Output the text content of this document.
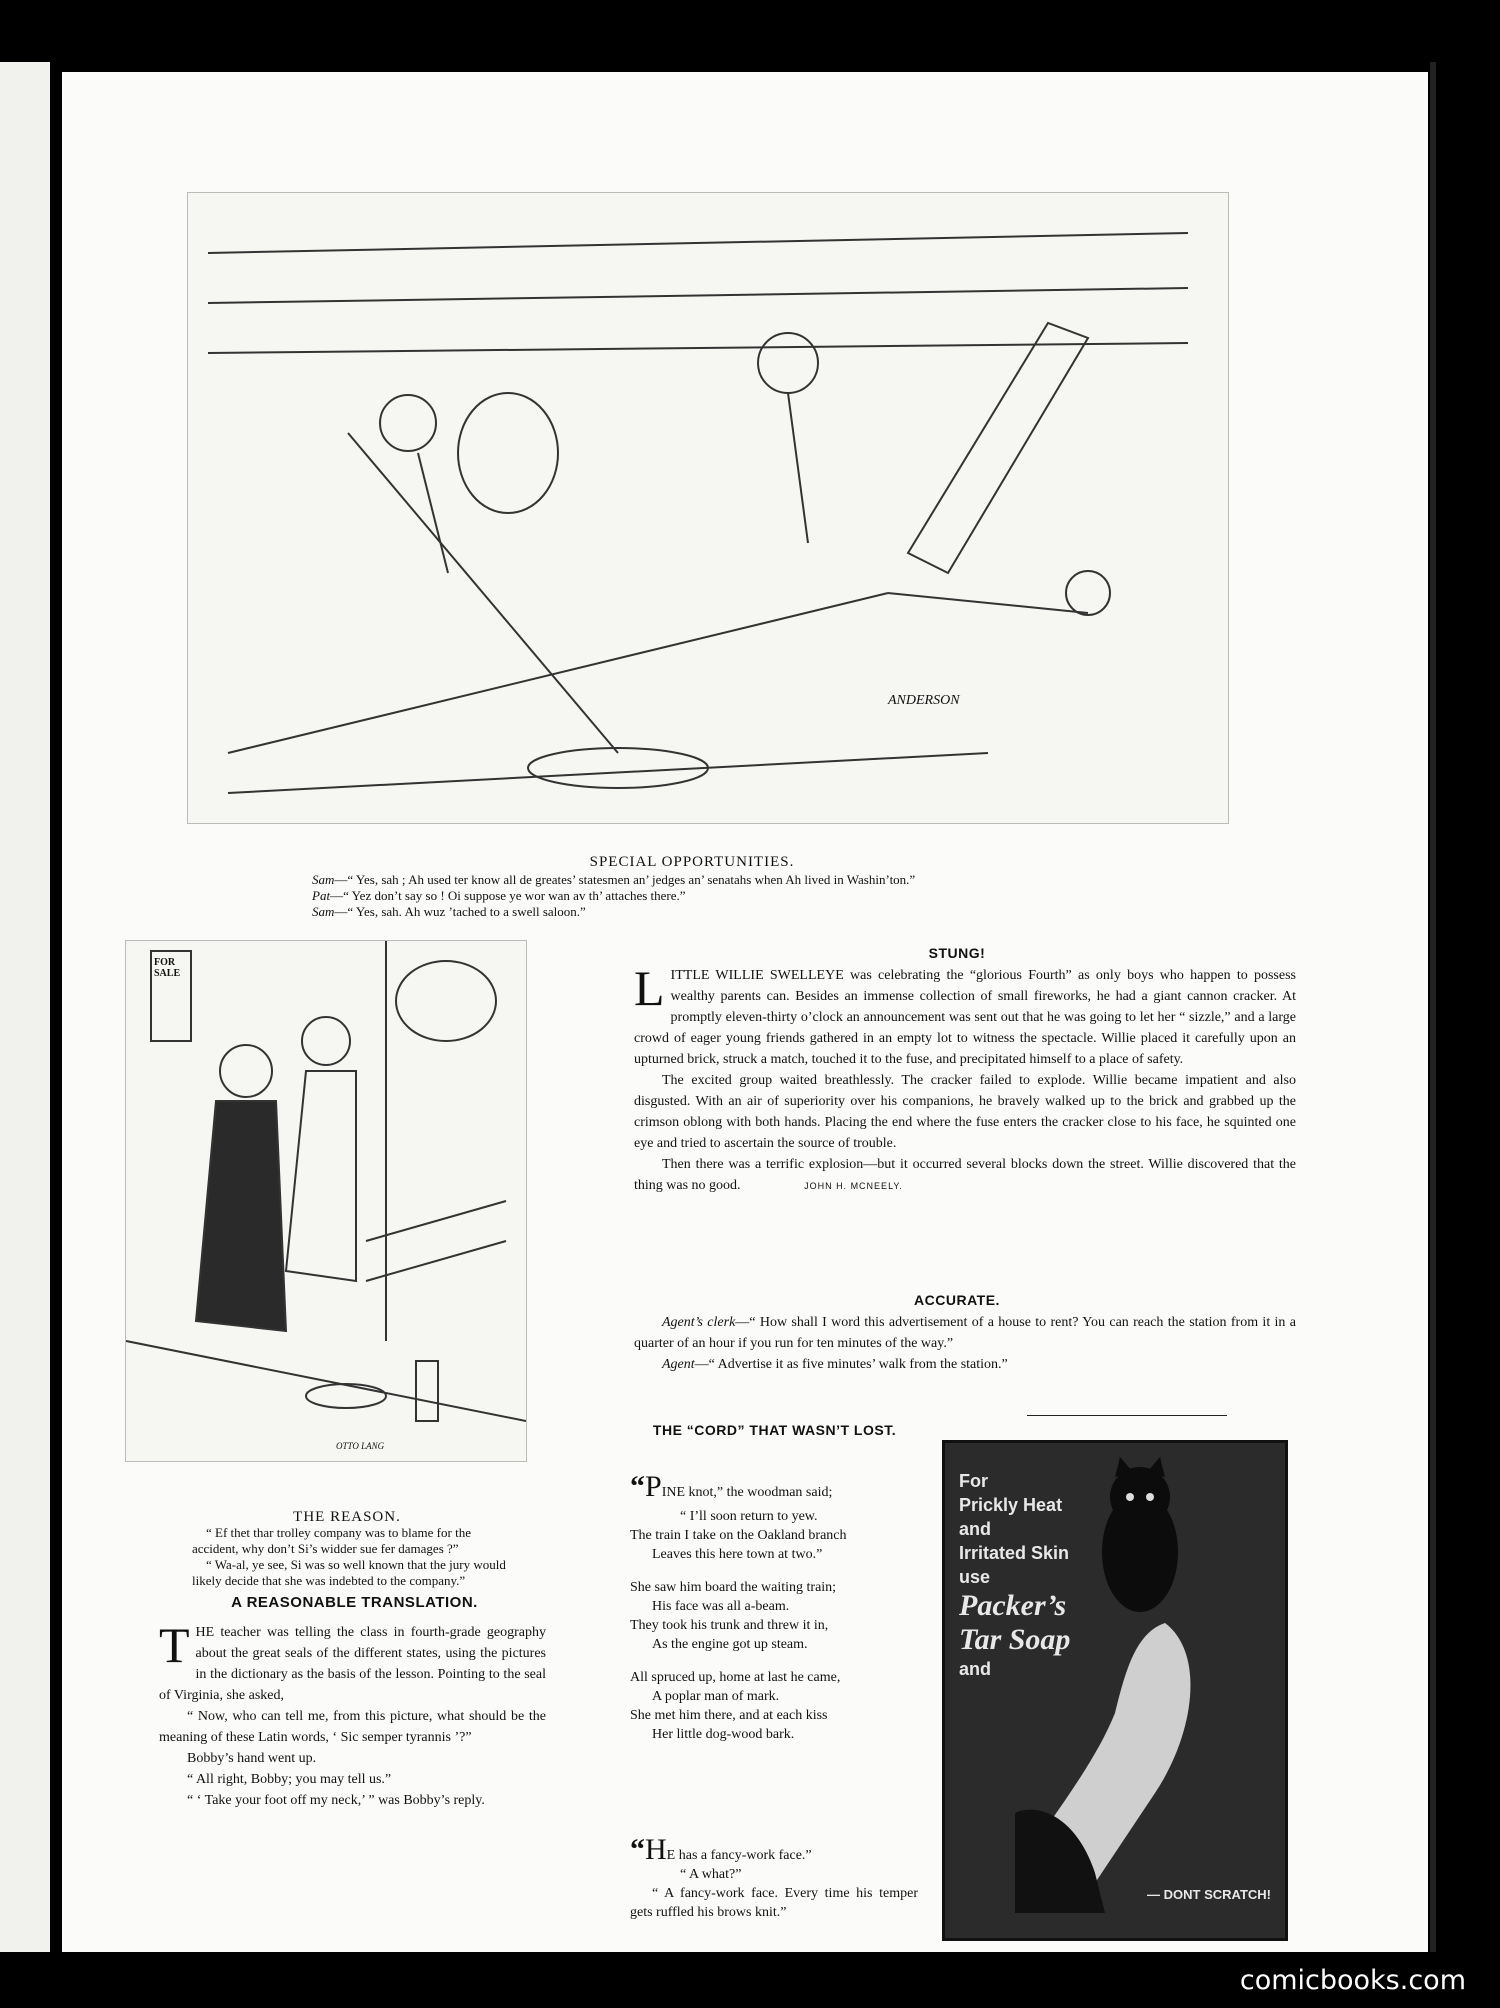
ANDERSON
SPECIAL OPPORTUNITIES.
Sam—“ Yes, sah ; Ah used ter know all de greates’ statesmen an’ jedges an’ senatahs when Ah lived in Washin’ton.”
Pat—“ Yez don’t say so ! Oi suppose ye wor wan av th’ attaches there.”
Sam—“ Yes, sah. Ah wuz ’tached to a swell saloon.”
FOR SALE
OTTO LANG
THE REASON.
“ Ef thet thar trolley company was to blame for the accident, why don’t Si’s widder sue fer damages ?”
“ Wa-al, ye see, Si was so well known that the jury would likely decide that she was indebted to the company.”
A REASONABLE TRANSLATION.

THE teacher was telling the class in fourth-grade geography about the great seals of the different states, using the pictures in the dictionary as the basis of the lesson. Pointing to the seal of Virginia, she asked,

“ Now, who can tell me, from this picture, what should be the meaning of these Latin words, ‘ Sic semper tyrannis ’?”

Bobby’s hand went up.

“ All right, Bobby; you may tell us.”

“ ‘ Take your foot off my neck,’ ” was Bobby’s reply.

STUNG!

LITTLE WILLIE SWELLEYE was celebrating the “glorious Fourth” as only boys who happen to possess wealthy parents can. Besides an immense collection of small fireworks, he had a giant cannon cracker. At promptly eleven-thirty o’clock an announcement was sent out that he was going to let her “ sizzle,” and a large crowd of eager young friends gathered in an empty lot to witness the spectacle. Willie placed it carefully upon an upturned brick, struck a match, touched it to the fuse, and precipitated himself to a place of safety.

The excited group waited breathlessly. The cracker failed to explode. Willie became impatient and also disgusted. With an air of superiority over his companions, he bravely walked up to the brick and grabbed up the crimson oblong with both hands. Placing the end where the fuse enters the cracker close to his face, he squinted one eye and tried to ascertain the source of trouble.

Then there was a terrific explosion—but it occurred several blocks down the street. Willie discovered that the thing was no good.	JOHN H. MCNEELY.

ACCURATE.

Agent’s clerk—“ How shall I word this advertisement of a house to rent? You can reach the station from it in a quarter of an hour if you run for ten minutes of the way.”

Agent—“ Advertise it as five minutes’ walk from the station.”

THE “CORD” THAT WASN’T LOST.

“PINE knot,” the woodman said;
“ I’ll soon return to yew.
The train I take on the Oakland branch
Leaves this here town at two.”

She saw him board the waiting train;
His face was all a-beam.
They took his trunk and threw it in,
As the engine got up steam.

All spruced up, home at last he came,
A poplar man of mark.
She met him there, and at each kiss
Her little dog-wood bark.

“HE has a fancy-work face.”
“ A what?”
“ A fancy-work face. Every time his temper gets ruffled his brows knit.”
For
Prickly Heat
and
Irritated Skin
use
Packer’s
Tar Soap
and
— DONT SCRATCH!
comicbooks.com
